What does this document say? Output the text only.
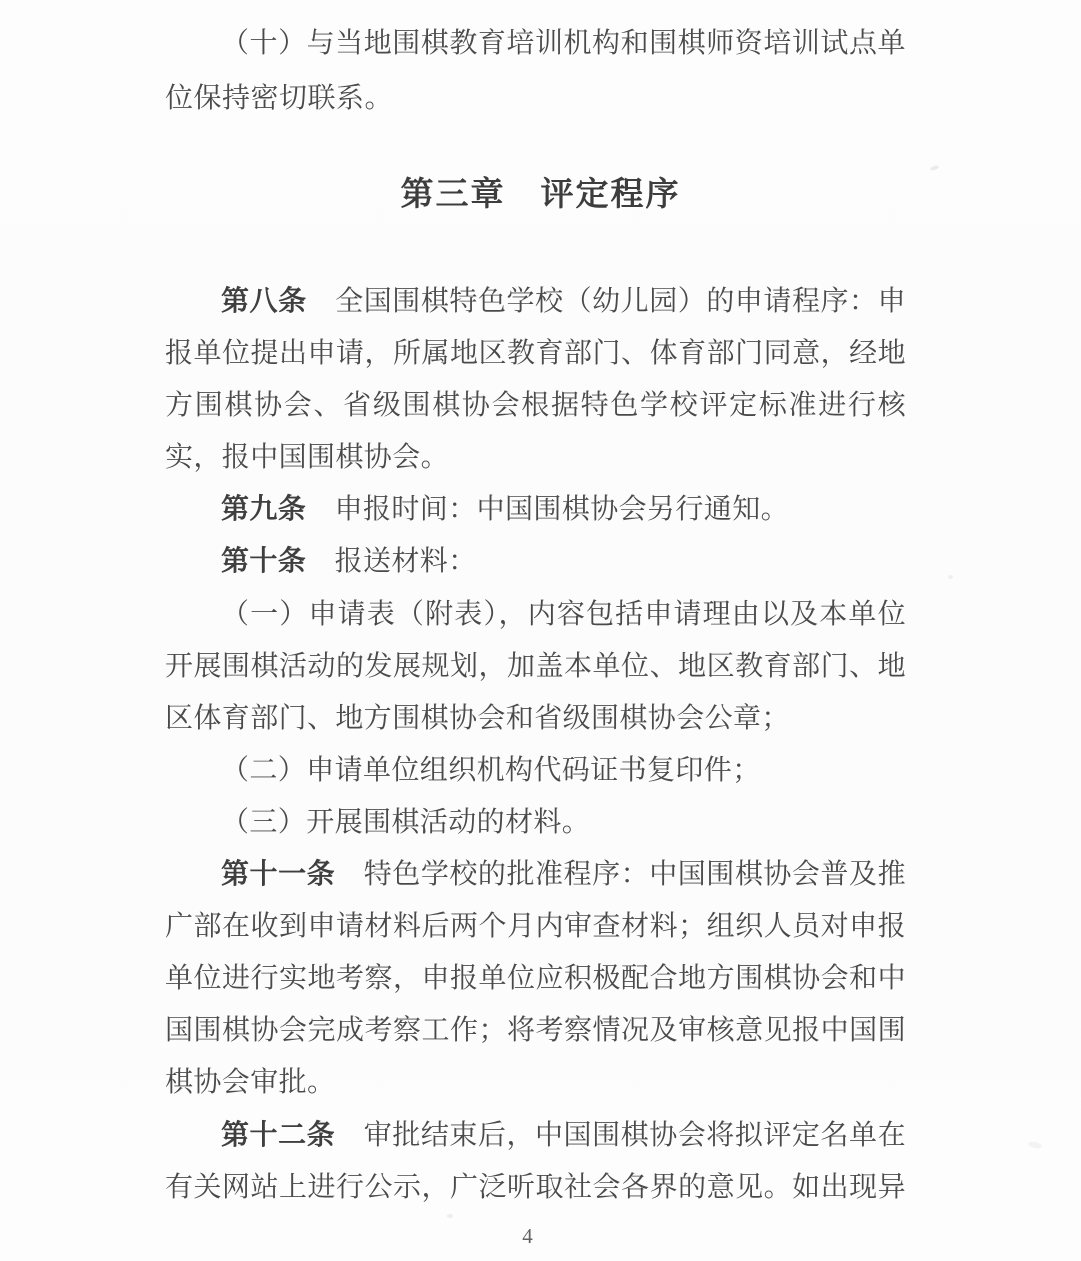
（十）与当地围棋教育培训机构和围棋师资培训试点单
位保持密切联系。
第三章　评定程序
第八条　全国围棋特色学校（幼儿园）的申请程序：申
报单位提出申请，所属地区教育部门、体育部门同意，经地
方围棋协会、省级围棋协会根据特色学校评定标准进行核
实，报中国围棋协会。
第九条　申报时间：中国围棋协会另行通知。
第十条　报送材料：
（一）申请表（附表），内容包括申请理由以及本单位
开展围棋活动的发展规划，加盖本单位、地区教育部门、地
区体育部门、地方围棋协会和省级围棋协会公章；
（二）申请单位组织机构代码证书复印件；
（三）开展围棋活动的材料。
第十一条　特色学校的批准程序：中国围棋协会普及推
广部在收到申请材料后两个月内审查材料；组织人员对申报
单位进行实地考察，申报单位应积极配合地方围棋协会和中
国围棋协会完成考察工作；将考察情况及审核意见报中国围
棋协会审批。
第十二条　审批结束后，中国围棋协会将拟评定名单在
有关网站上进行公示，广泛听取社会各界的意见。如出现异
4
